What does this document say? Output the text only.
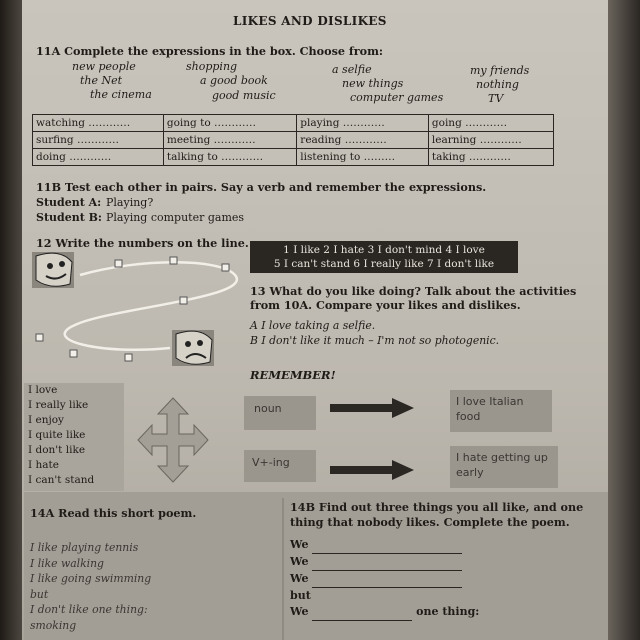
LIKES AND DISLIKES
11A Complete the expressions in the box. Choose from:
new people
the Net
the cinema
shopping
a good book
good music
a selfie
new things
computer games
my friends
nothing
TV
watching …………	going to …………	playing …………	going …………
surfing …………	meeting …………	reading …………	learning …………
doing …………	talking to …………	listening to ………	taking …………
11B Test each other in pairs. Say a verb and remember the expressions.
Student A: Playing?
Student B: Playing computer games
12 Write the numbers on the line.	1 I like 2 I hate 3 I don't mind 4 I love
5 I can't stand 6 I really like 7 I don't like
13 What do you like doing? Talk about the activities
from 10A. Compare your likes and dislikes.
A I love taking a selfie.
B I don't like it much – I'm not so photogenic.
REMEMBER!
I love
I really like
I enjoy
I quite like
I don't like
I hate
I can't stand
noun
I love Italian food
V+-ing	I hate getting up early
14A Read this short poem.
I like playing tennis
I like walking
I like going swimming
but
I don't like one thing:
smoking
14B Find out three things you all like, and one
thing that nobody likes. Complete the poem.
We
We
We
but
We	one thing:
